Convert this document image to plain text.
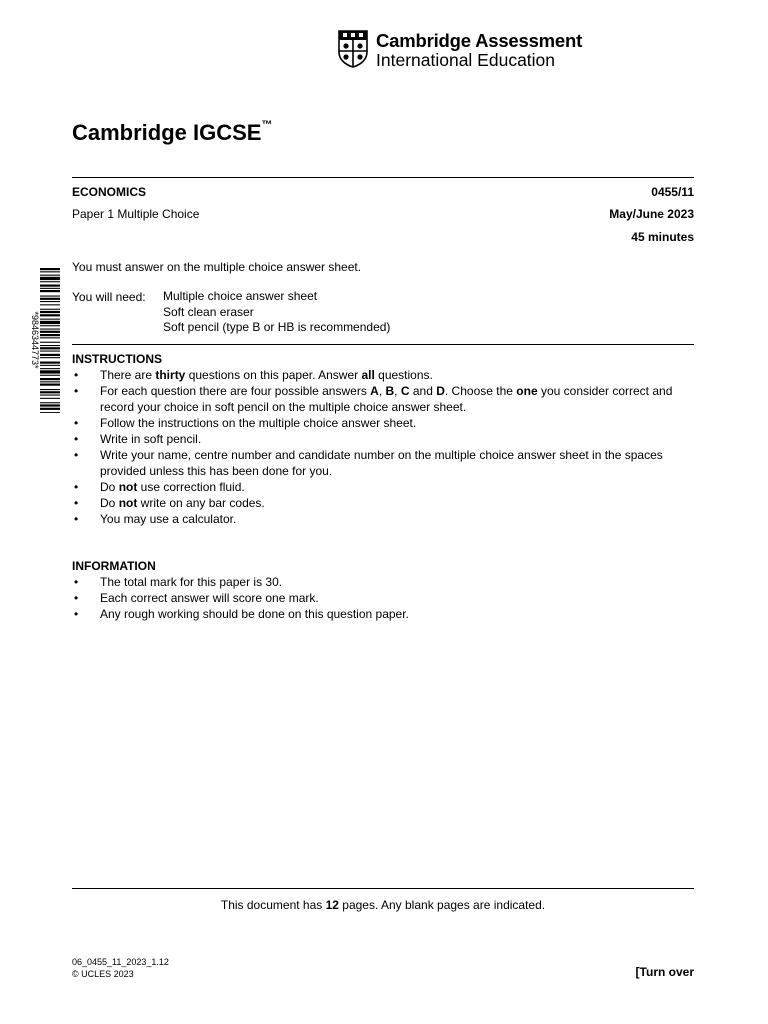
Cambridge Assessment
International Education
Cambridge IGCSE™
ECONOMICS	0455/11
Paper 1 Multiple Choice	May/June 2023
45 minutes
*9846344773*
You must answer on the multiple choice answer sheet.
You will need: Multiple choice answer sheet
Soft clean eraser
Soft pencil (type B or HB is recommended)
INSTRUCTIONS
• There are thirty questions on this paper. Answer all questions.
• For each question there are four possible answers A, B, C and D. Choose the one you consider correct and record your choice in soft pencil on the multiple choice answer sheet.
• Follow the instructions on the multiple choice answer sheet.
• Write in soft pencil.
• Write your name, centre number and candidate number on the multiple choice answer sheet in the spaces provided unless this has been done for you.
• Do not use correction fluid.
• Do not write on any bar codes.
• You may use a calculator.
INFORMATION
• The total mark for this paper is 30.
• Each correct answer will score one mark.
• Any rough working should be done on this question paper.
This document has 12 pages. Any blank pages are indicated.
06_0455_11_2023_1.12
© UCLES 2023	[Turn over
